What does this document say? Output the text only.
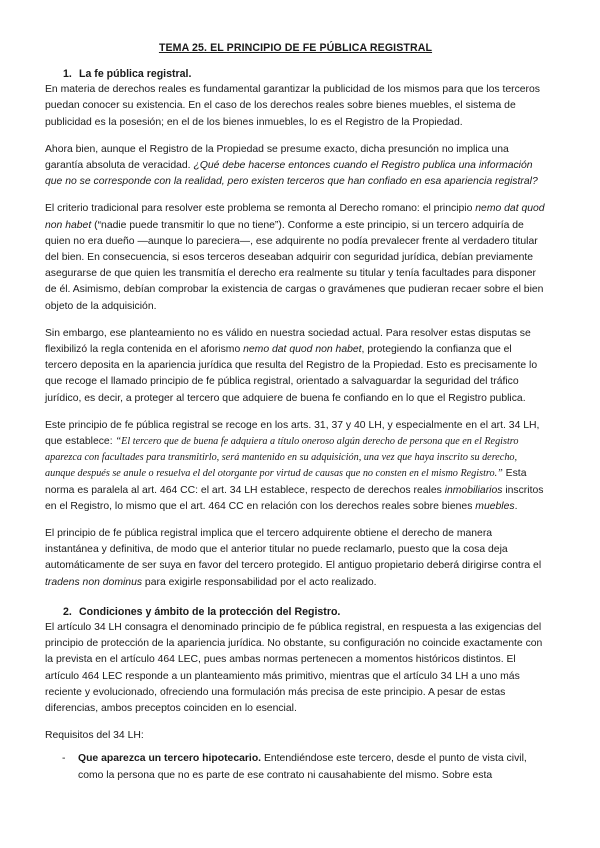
TEMA 25. EL PRINCIPIO DE FE PÚBLICA REGISTRAL
1. La fe pública registral.

En materia de derechos reales es fundamental garantizar la publicidad de los mismos para que los terceros puedan conocer su existencia. En el caso de los derechos reales sobre bienes muebles, el sistema de publicidad es la posesión; en el de los bienes inmuebles, lo es el Registro de la Propiedad.

Ahora bien, aunque el Registro de la Propiedad se presume exacto, dicha presunción no implica una garantía absoluta de veracidad. ¿Qué debe hacerse entonces cuando el Registro publica una información que no se corresponde con la realidad, pero existen terceros que han confiado en esa apariencia registral?

El criterio tradicional para resolver este problema se remonta al Derecho romano: el principio nemo dat quod non habet (“nadie puede transmitir lo que no tiene”). Conforme a este principio, si un tercero adquiría de quien no era dueño —aunque lo pareciera—, ese adquirente no podía prevalecer frente al verdadero titular del bien. En consecuencia, si esos terceros deseaban adquirir con seguridad jurídica, debían previamente asegurarse de que quien les transmitía el derecho era realmente su titular y tenía facultades para disponer de él. Asimismo, debían comprobar la existencia de cargas o gravámenes que pudieran recaer sobre el bien objeto de la adquisición.

Sin embargo, ese planteamiento no es válido en nuestra sociedad actual. Para resolver estas disputas se flexibilizó la regla contenida en el aforismo nemo dat quod non habet, protegiendo la confianza que el tercero deposita en la apariencia jurídica que resulta del Registro de la Propiedad. Esto es precisamente lo que recoge el llamado principio de fe pública registral, orientado a salvaguardar la seguridad del tráfico jurídico, es decir, a proteger al tercero que adquiere de buena fe confiando en lo que el Registro publica.

Este principio de fe pública registral se recoge en los arts. 31, 37 y 40 LH, y especialmente en el art. 34 LH, que establece: “El tercero que de buena fe adquiera a título oneroso algún derecho de persona que en el Registro aparezca con facultades para transmitirlo, será mantenido en su adquisición, una vez que haya inscrito su derecho, aunque después se anule o resuelva el del otorgante por virtud de causas que no consten en el mismo Registro.” Esta norma es paralela al art. 464 CC: el art. 34 LH establece, respecto de derechos reales inmobiliarios inscritos en el Registro, lo mismo que el art. 464 CC en relación con los derechos reales sobre bienes muebles.

El principio de fe pública registral implica que el tercero adquirente obtiene el derecho de manera instantánea y definitiva, de modo que el anterior titular no puede reclamarlo, puesto que la cosa deja automáticamente de ser suya en favor del tercero protegido. El antiguo propietario deberá dirigirse contra el tradens non dominus para exigirle responsabilidad por el acto realizado.

2. Condiciones y ámbito de la protección del Registro.

El artículo 34 LH consagra el denominado principio de fe pública registral, en respuesta a las exigencias del principio de protección de la apariencia jurídica. No obstante, su configuración no coincide exactamente con la prevista en el artículo 464 LEC, pues ambas normas pertenecen a momentos históricos distintos. El artículo 464 LEC responde a un planteamiento más primitivo, mientras que el artículo 34 LH a uno más reciente y evolucionado, ofreciendo una formulación más precisa de este principio. A pesar de estas diferencias, ambos preceptos coinciden en lo esencial.

Requisitos del 34 LH:

- Que aparezca un tercero hipotecario. Entendiéndose este tercero, desde el punto de vista civil, como la persona que no es parte de ese contrato ni causahabiente del mismo. Sobre esta
